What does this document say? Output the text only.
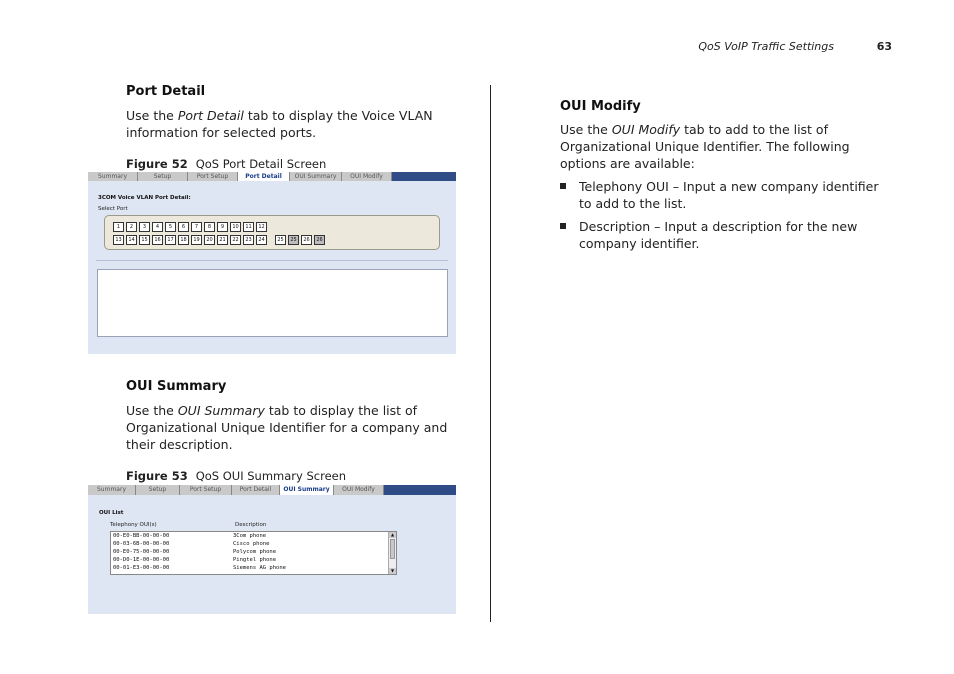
QoS VoIP Traffic Settings	63
Port Detail

Use the Port Detail tab to display the Voice VLAN information for selected ports.

Figure 52 QoS Port Detail Screen
Summary	Setup	Port Setup	Port Detail	OUI Summary	OUI Modify
3COM Voice VLAN Port Detail:
Select Port
1	2	3	4	5	6	7	8	9	10	11	12
13	14	15	16	17	18	19	20	21	22	23	24	25	25	26	26
OUI Summary

Use the OUI Summary tab to display the list of Organizational Unique Identifier for a company and their description.

Figure 53 QoS OUI Summary Screen
Summary	Setup	Port Setup	Port Detail	OUI Summary	OUI Modify
OUI List
Telephony OUI(s)	Description
00-E0-BB-00-00-00	3Com phone
00-03-6B-00-00-00	Cisco phone
00-E0-75-00-00-00	Polycom phone
00-D0-1E-00-00-00	Pingtel phone
00-01-E3-00-00-00	Siemens AG phone
▲
▼
OUI Modify

Use the OUI Modify tab to add to the list of Organizational Unique Identifier. The following options are available:

Telephony OUI – Input a new company identifier to add to the list.
Description – Input a description for the new company identifier.
